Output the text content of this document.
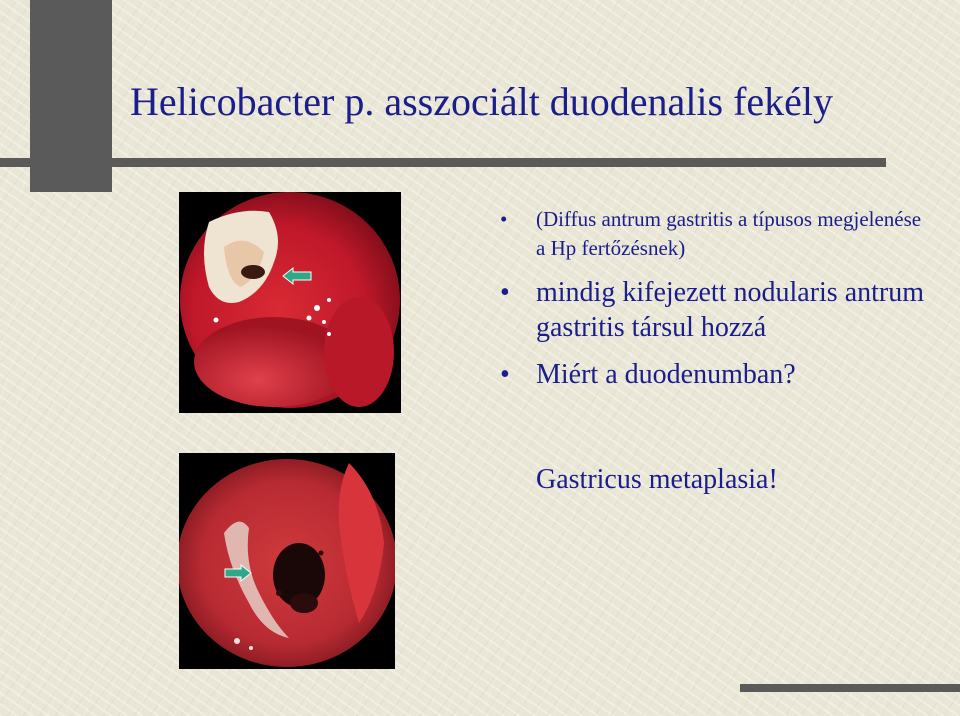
Helicobacter p. asszociált duodenalis fekély
• (Diffus antrum gastritis a típusos megjelenése a Hp fertőzésnek)
• mindig kifejezett nodularis antrum gastritis társul hozzá
• Miért a duodenumban?
Gastricus metaplasia!
